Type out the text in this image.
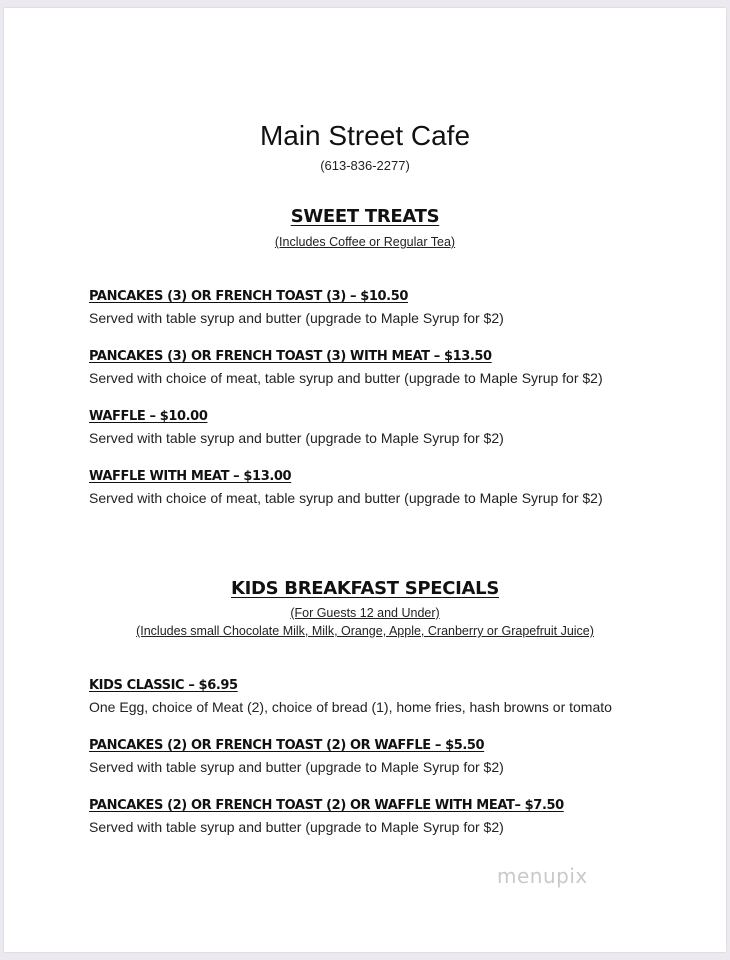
Main Street Cafe
(613-836-2277)
SWEET TREATS
(Includes Coffee or Regular Tea)
PANCAKES (3) OR FRENCH TOAST (3) – $10.50
Served with table syrup and butter (upgrade to Maple Syrup for $2)
PANCAKES (3) OR FRENCH TOAST (3) WITH MEAT – $13.50
Served with choice of meat, table syrup and butter (upgrade to Maple Syrup for $2)
WAFFLE – $10.00
Served with table syrup and butter (upgrade to Maple Syrup for $2)
WAFFLE WITH MEAT – $13.00
Served with choice of meat, table syrup and butter (upgrade to Maple Syrup for $2)
KIDS BREAKFAST SPECIALS
(For Guests 12 and Under)
(Includes small Chocolate Milk, Milk, Orange, Apple, Cranberry or Grapefruit Juice)
KIDS CLASSIC – $6.95
One Egg, choice of Meat (2), choice of bread (1), home fries, hash browns or tomato
PANCAKES (2) OR FRENCH TOAST (2) OR WAFFLE – $5.50
Served with table syrup and butter (upgrade to Maple Syrup for $2)
PANCAKES (2) OR FRENCH TOAST (2) OR WAFFLE WITH MEAT– $7.50
Served with table syrup and butter (upgrade to Maple Syrup for $2)
menupix
